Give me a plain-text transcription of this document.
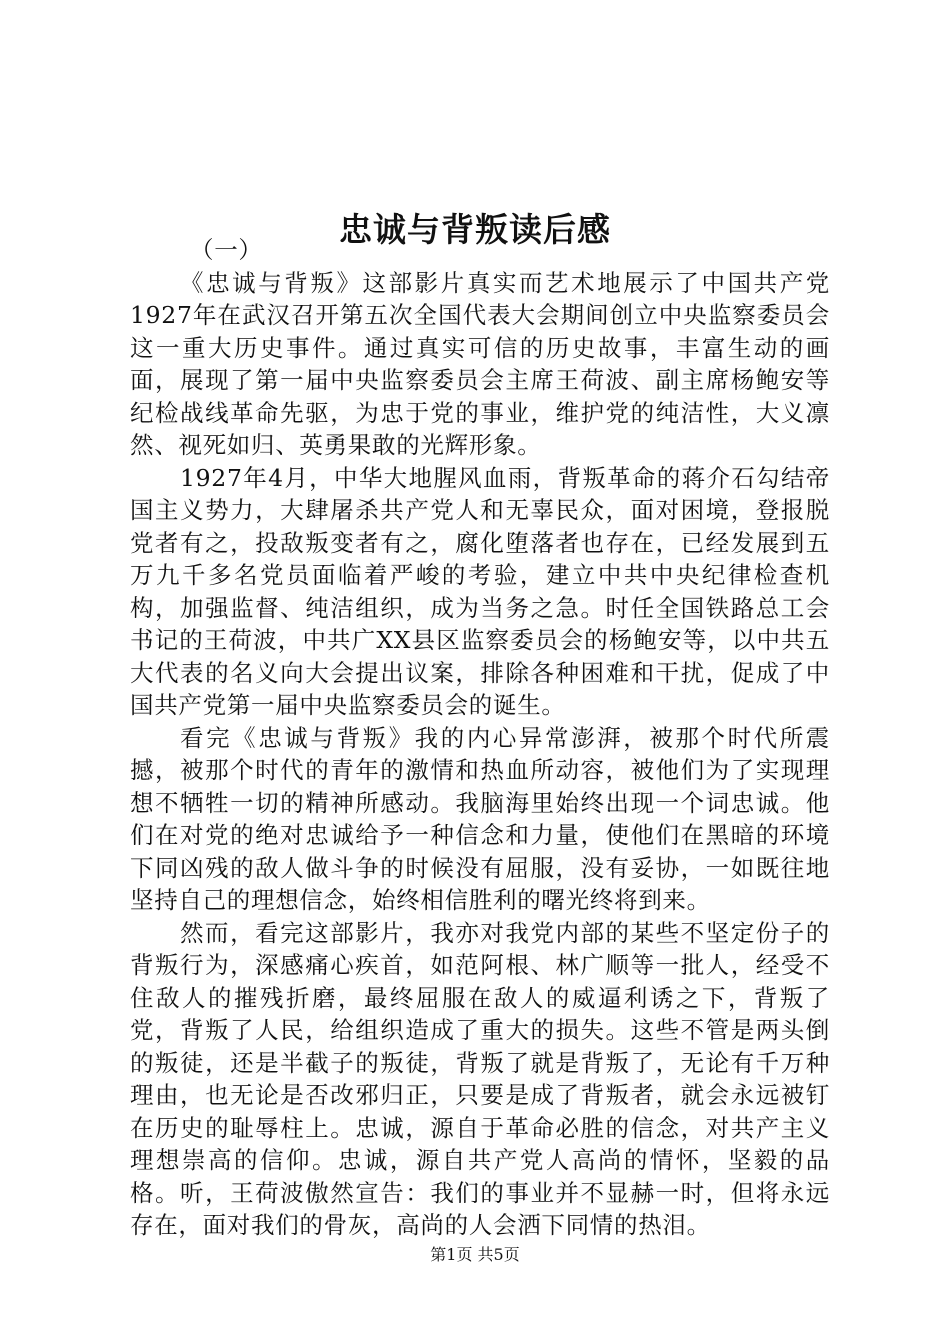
忠诚与背叛读后感

（一）

《忠诚与背叛》这部影片真实而艺术地展示了中国共产党1927年在武汉召开第五次全国代表大会期间创立中央监察委员会这一重大历史事件。通过真实可信的历史故事，丰富生动的画面，展现了第一届中央监察委员会主席王荷波、副主席杨鲍安等纪检战线革命先驱，为忠于党的事业，维护党的纯洁性，大义凛然、视死如归、英勇果敢的光辉形象。

1927年4月，中华大地腥风血雨，背叛革命的蒋介石勾结帝国主义势力，大肆屠杀共产党人和无辜民众，面对困境，登报脱党者有之，投敌叛变者有之，腐化堕落者也存在，已经发展到五万九千多名党员面临着严峻的考验，建立中共中央纪律检查机构，加强监督、纯洁组织，成为当务之急。时任全国铁路总工会书记的王荷波，中共广XX县区监察委员会的杨鲍安等，以中共五大代表的名义向大会提出议案，排除各种困难和干扰，促成了中国共产党第一届中央监察委员会的诞生。

看完《忠诚与背叛》我的内心异常澎湃，被那个时代所震撼，被那个时代的青年的激情和热血所动容，被他们为了实现理想不牺牲一切的精神所感动。我脑海里始终出现一个词忠诚。他们在对党的绝对忠诚给予一种信念和力量，使他们在黑暗的环境下同凶残的敌人做斗争的时候没有屈服，没有妥协，一如既往地坚持自己的理想信念，始终相信胜利的曙光终将到来。

然而，看完这部影片，我亦对我党内部的某些不坚定份子的背叛行为，深感痛心疾首，如范阿根、林广顺等一批人，经受不住敌人的摧残折磨，最终屈服在敌人的威逼利诱之下，背叛了党，背叛了人民，给组织造成了重大的损失。这些不管是两头倒的叛徒，还是半截子的叛徒，背叛了就是背叛了，无论有千万种理由，也无论是否改邪归正，只要是成了背叛者，就会永远被钉在历史的耻辱柱上。忠诚，源自于革命必胜的信念，对共产主义理想崇高的信仰。忠诚，源自共产党人高尚的情怀，坚毅的品格。听，王荷波傲然宣告：我们的事业并不显赫一时，但将永远存在，面对我们的骨灰，高尚的人会洒下同情的热泪。

第1页 共5页
